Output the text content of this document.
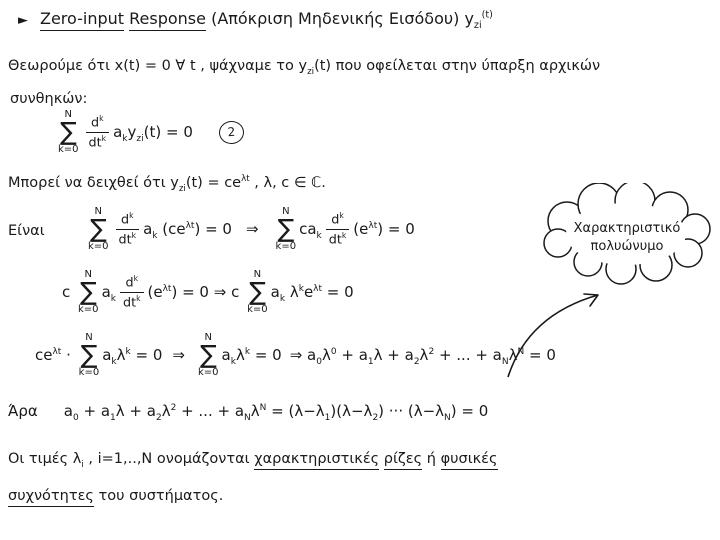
► Zero-input Response (Απόκριση Μηδενικής Εισόδου) $y_{zi}^{(t)}$
Θεωρούμε ότι x(t) = 0 ∀ t , ψάχναμε το $y_{zi}(t)$ που οφείλεται στην ύπαρξη αρχικών
συνθηκών:
N
∑
$k=0 \frac{d^k}{dt^k} a_ky_{zi}(t) = 0$	2
Μπορεί να δειχθεί ότι $y_{zi}(t) = ce^{\lambda t}$ , λ, c ∈ ℂ.
Είναι
N
∑
$k=0 \frac{d^k}{dt^k} a_k$ $(ce^{\lambda t}) = 0$ ⇒
N
∑
k=0
$ca_k \frac{d^k}{dt^k} (e^{\lambda t}) = 0$
c
N
∑
k=0
$a_k \frac{d^k}{dt^k} (e^{\lambda t}) = 0$ ⇒ c
N
∑
k=0
$a_k$ $\lambda^ke^{\lambda t} = 0$
$ce^{\lambda t}$ ·
N
∑
k=0
$a_k\lambda^k = 0$ ⇒
N
∑
k=0
$a_k\lambda^k = 0$ ⇒ $a_0\lambda^0 + a_1\lambda + a_2\lambda^2$ + ... + $a_N\lambda^N = 0$
Χαρακτηριστικό
πολυώνυμο
Άρα $a_0 + a_1\lambda + a_2\lambda^2$ + ... + $a_N\lambda^N = (\lambda-\lambda_1)(\lambda-\lambda_2)$ ··· $(\lambda-\lambda_N) = 0$
Οι τιμές $\lambda_i$ , i=1,..,N ονομάζονται χαρακτηριστικές ρίζες ή φυσικές
συχνότητες του συστήματος.
